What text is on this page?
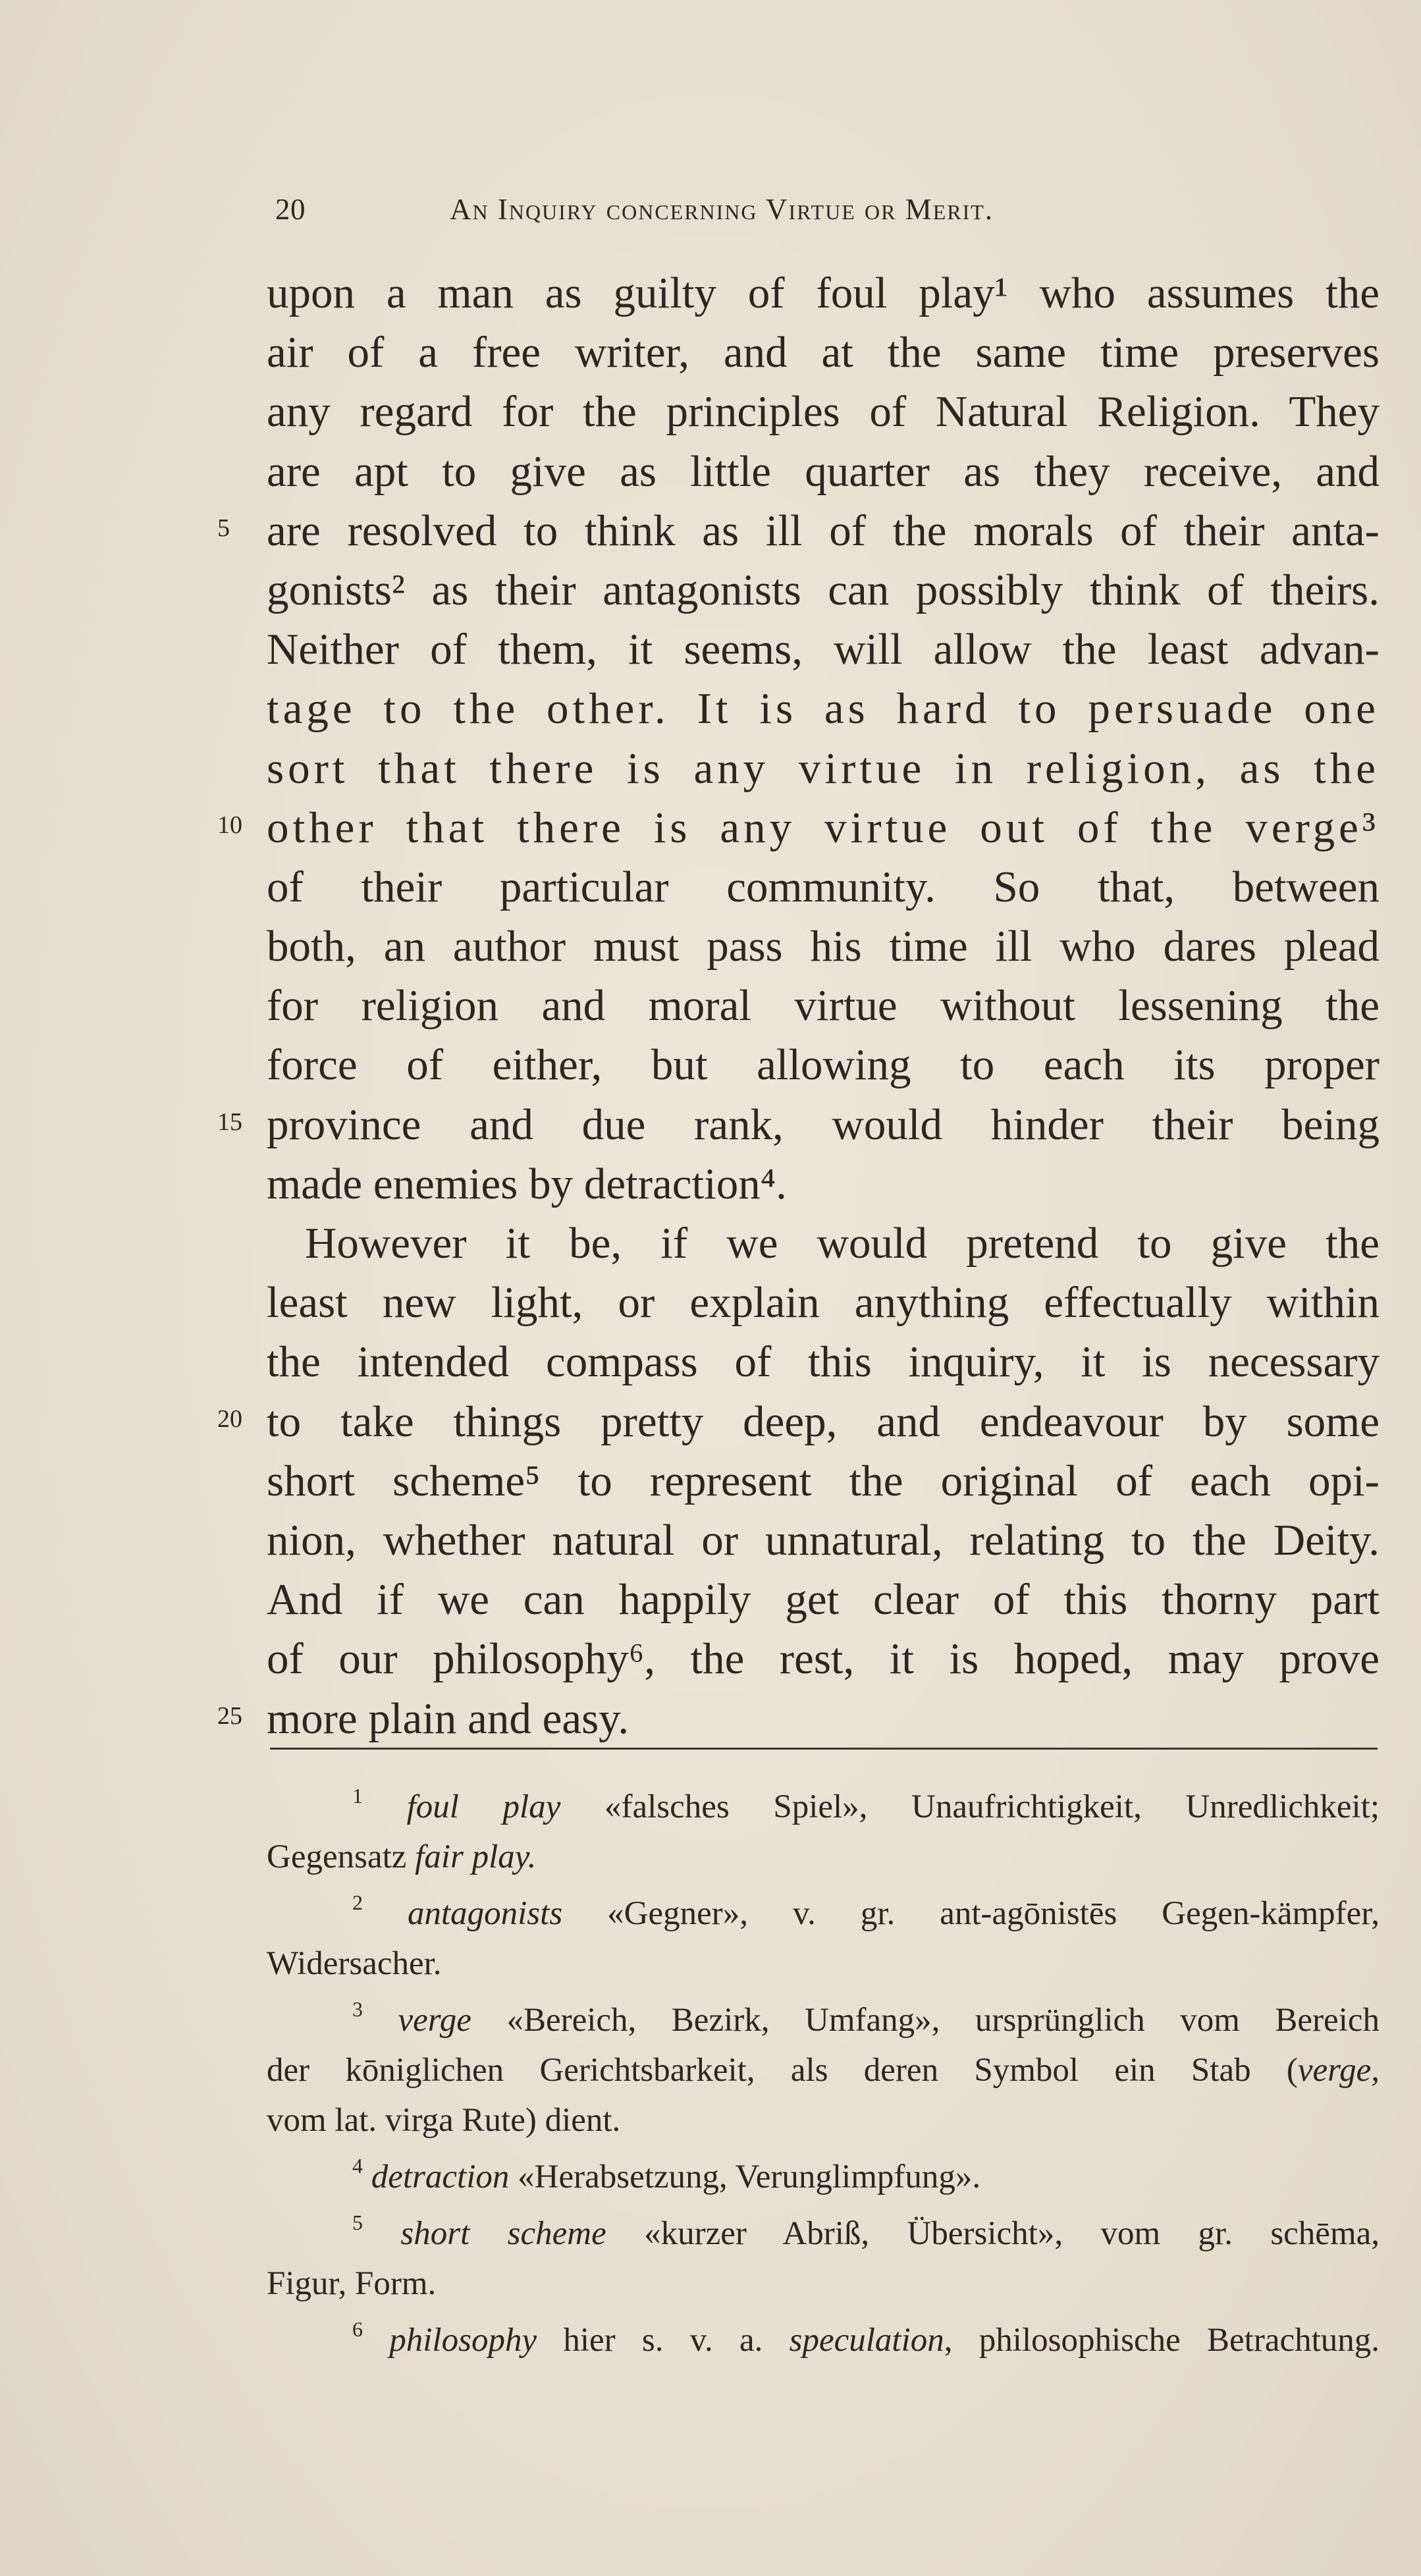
20	An Inquiry concerning Virtue or Merit.
5
10
15
20
25
upon a man as guilty of foul play¹ who assumes the
air of a free writer, and at the same time preserves
any regard for the principles of Natural Religion. They
are apt to give as little quarter as they receive, and
are resolved to think as ill of the morals of their anta-
gonists² as their antagonists can possibly think of theirs.
Neither of them, it seems, will allow the least advan-
tage to the other. It is as hard to persuade one
sort that there is any virtue in religion, as the
other that there is any virtue out of the verge³
of their particular community. So that, between
both, an author must pass his time ill who dares plead
for religion and moral virtue without lessening the
force of either, but allowing to each its proper
province and due rank, would hinder their being
made enemies by detraction⁴.
However it be, if we would pretend to give the
least new light, or explain anything effectually within
the intended compass of this inquiry, it is necessary
to take things pretty deep, and endeavour by some
short scheme⁵ to represent the original of each opi-
nion, whether natural or unnatural, relating to the Deity.
And if we can happily get clear of this thorny part
of our philosophy⁶, the rest, it is hoped, may prove
more plain and easy.
$^1$ foul play «falsches Spiel», Unaufrichtigkeit, Unredlichkeit;
Gegensatz fair play.
$^2$ antagonists «Gegner», v. gr. ant-agōnistēs Gegen-kämpfer,
Widersacher.
$^3$ verge «Bereich, Bezirk, Umfang», ursprünglich vom Bereich
der kōniglichen Gerichtsbarkeit, als deren Symbol ein Stab (verge,
vom lat. virga Rute) dient.
$^4$ detraction «Herabsetzung, Verunglimpfung».
$^5$ short scheme «kurzer Abriß, Übersicht», vom gr. schēma,
Figur, Form.
$^6$ philosophy hier s. v. a. speculation, philosophische Betrachtung.
